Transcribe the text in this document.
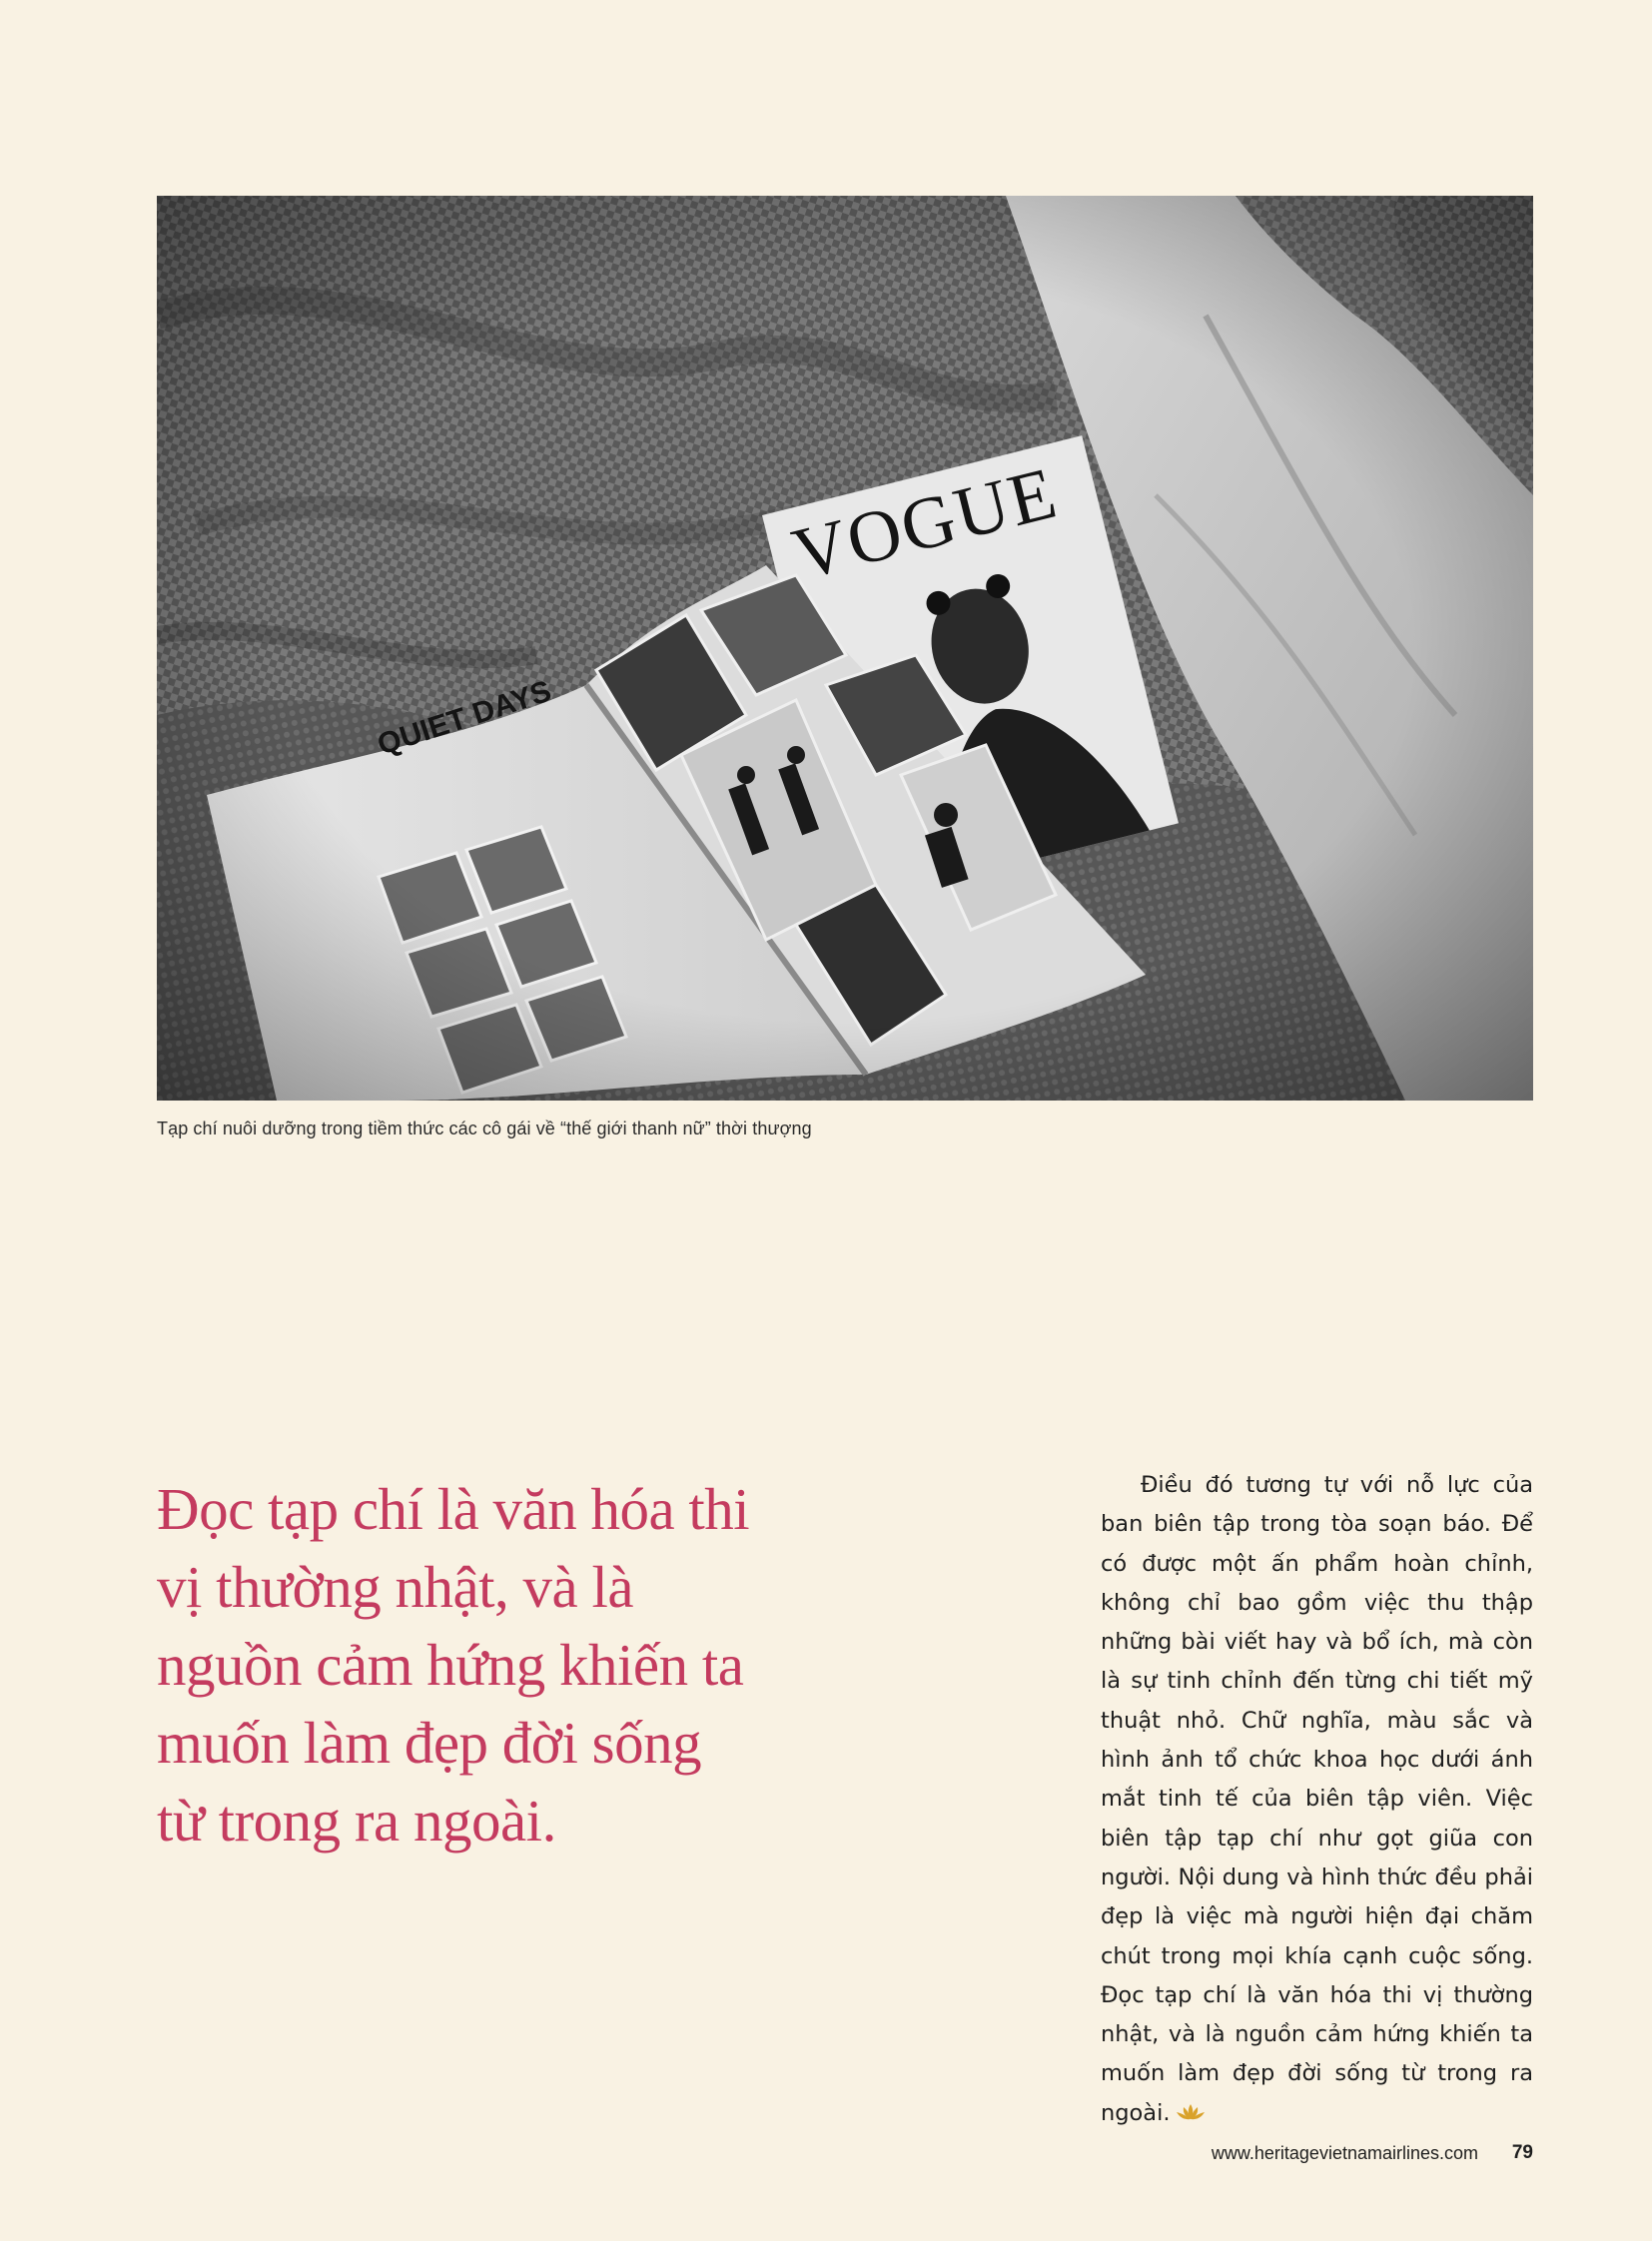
Tạp chí nuôi dưỡng trong tiềm thức các cô gái về “thế giới thanh nữ” thời thượng
Đọc tạp chí là văn hóa thi vị thường nhật, và là nguồn cảm hứng khiến ta muốn làm đẹp đời sống từ trong ra ngoài.

Điều đó tương tự với nỗ lực của ban biên tập trong tòa soạn báo. Để có được một ấn phẩm hoàn chỉnh, không chỉ bao gồm việc thu thập những bài viết hay và bổ ích, mà còn là sự tinh chỉnh đến từng chi tiết mỹ thuật nhỏ. Chữ nghĩa, màu sắc và hình ảnh tổ chức khoa học dưới ánh mắt tinh tế của biên tập viên. Việc biên tập tạp chí như gọt giũa con người. Nội dung và hình thức đều phải đẹp là việc mà người hiện đại chăm chút trong mọi khía cạnh cuộc sống. Đọc tạp chí là văn hóa thi vị thường nhật, và là nguồn cảm hứng khiến ta muốn làm đẹp đời sống từ trong ra ngoài.

www.heritagevietnamairlines.com 79
